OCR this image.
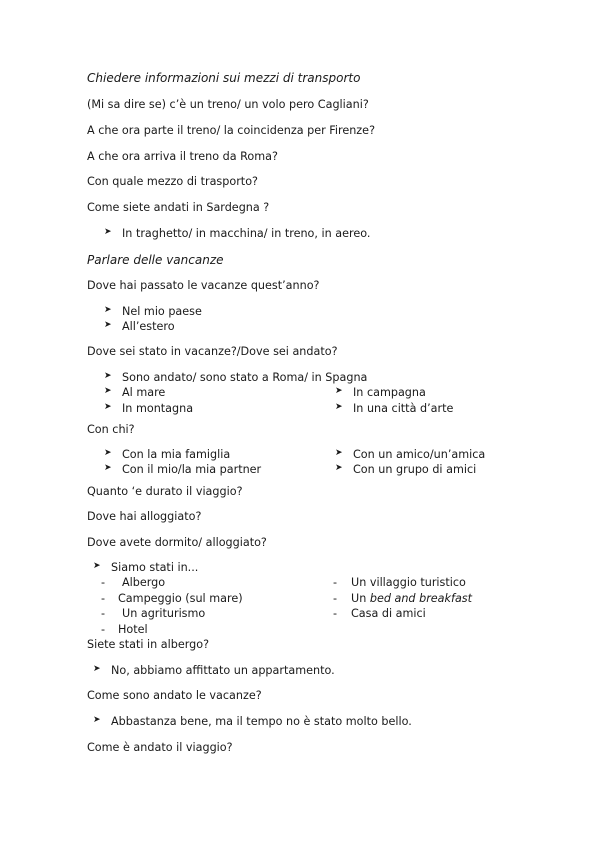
Chiedere informazioni sui mezzi di transporto
(Mi sa dire se) c’è un treno/ un volo pero Cagliani?
A che ora parte il treno/ la coincidenza per Firenze?
A che ora arriva il treno da Roma?
Con quale mezzo di trasporto?
Come siete andati in Sardegna ?
➤ In traghetto/ in macchina/ in treno, in aereo.
Parlare delle vancanze
Dove hai passato le vacanze quest’anno?
➤ Nel mio paese
➤ All’estero
Dove sei stato in vacanze?/Dove sei andato?
➤ Sono andato/ sono stato a Roma/ in Spagna
➤ Al mare	➤ In campagna
➤ In montagna	➤ In una città d’arte
Con chi?
➤ Con la mia famiglia	➤ Con un amico/un’amica
➤ Con il mio/la mia partner	➤ Con un grupo di amici
Quanto ‘e durato il viaggio?
Dove hai alloggiato?
Dove avete dormito/ alloggiato?
➤ Siamo stati in...
- Albergo	- Un villaggio turistico
- Campeggio (sul mare)	- Un bed and breakfast
- Un agriturismo	- Casa di amici
- Hotel
Siete stati in albergo?
➤ No, abbiamo affittato un appartamento.
Come sono andato le vacanze?
➤ Abbastanza bene, ma il tempo no è stato molto bello.
Come è andato il viaggio?
